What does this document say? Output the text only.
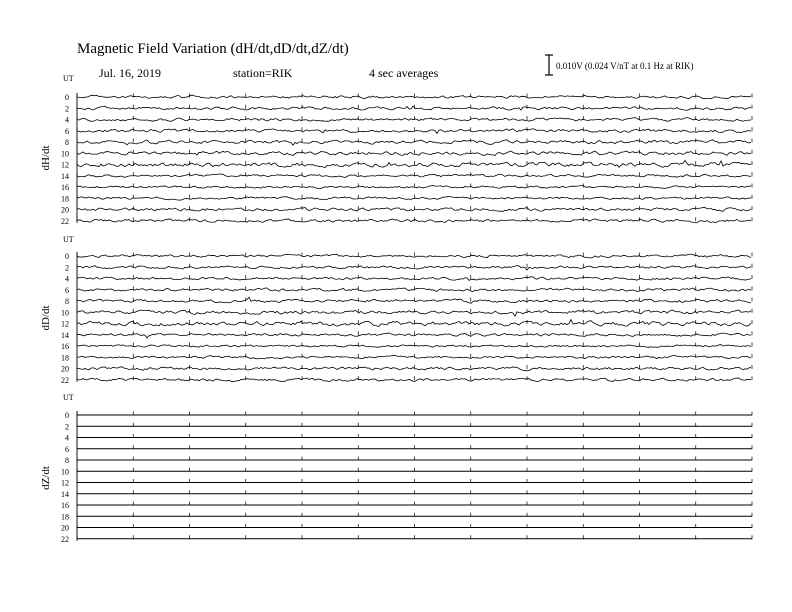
Magnetic Field Variation (dH/dt,dD/dt,dZ/dt)
Jul. 16, 2019	station=RIK	4 sec averages	0.010V (0.024 V/nT at 0.1 Hz at RIK)
UT
dH/dt
0
2
4
6
8
10
12
14
16
18
20
22
UT
dD/dt
0
2
4
6
8
10
12
14
16
18
20
22
UT
dZ/dt
0
2
4
6
8
10
12
14
16
18
20
22
